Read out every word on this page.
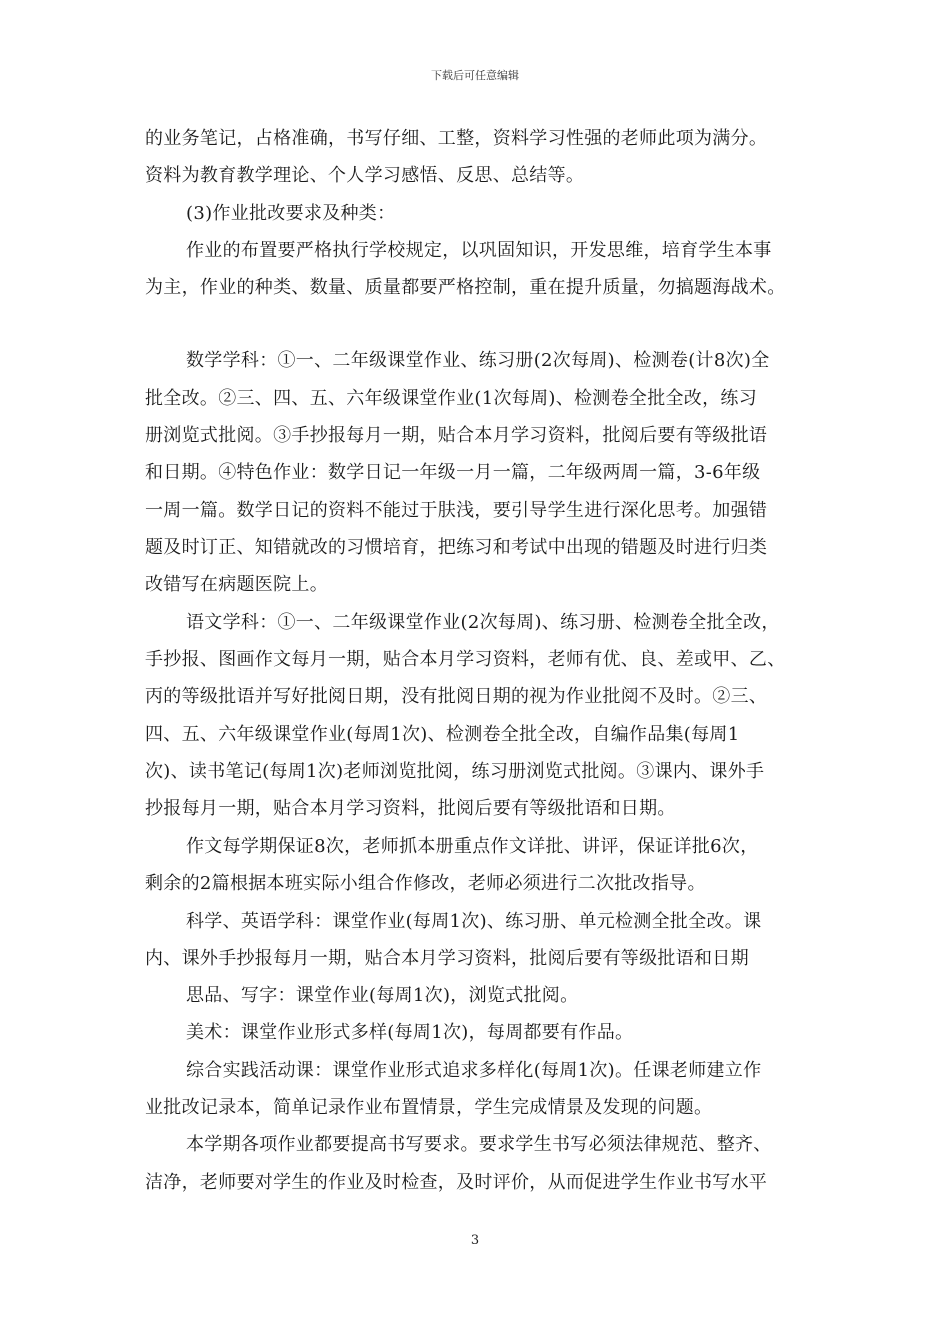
下载后可任意编辑
的业务笔记，占格准确，书写仔细、工整，资料学习性强的老师此项为满分。
资料为教育教学理论、个人学习感悟、反思、总结等。
(3)作业批改要求及种类：
作业的布置要严格执行学校规定，以巩固知识，开发思维，培育学生本事
为主，作业的种类、数量、质量都要严格控制，重在提升质量，勿搞题海战术。
数学学科：①一、二年级课堂作业、练习册(2次每周)、检测卷(计8次)全
批全改。②三、四、五、六年级课堂作业(1次每周)、检测卷全批全改，练习
册浏览式批阅。③手抄报每月一期，贴合本月学习资料，批阅后要有等级批语
和日期。④特色作业：数学日记一年级一月一篇，二年级两周一篇，3-6年级
一周一篇。数学日记的资料不能过于肤浅，要引导学生进行深化思考。加强错
题及时订正、知错就改的习惯培育，把练习和考试中出现的错题及时进行归类
改错写在病题医院上。
语文学科：①一、二年级课堂作业(2次每周)、练习册、检测卷全批全改，
手抄报、图画作文每月一期，贴合本月学习资料，老师有优、良、差或甲、乙、
丙的等级批语并写好批阅日期，没有批阅日期的视为作业批阅不及时。②三、
四、五、六年级课堂作业(每周1次)、检测卷全批全改，自编作品集(每周1
次)、读书笔记(每周1次)老师浏览批阅，练习册浏览式批阅。③课内、课外手
抄报每月一期，贴合本月学习资料，批阅后要有等级批语和日期。
作文每学期保证8次，老师抓本册重点作文详批、讲评，保证详批6次，
剩余的2篇根据本班实际小组合作修改，老师必须进行二次批改指导。
科学、英语学科：课堂作业(每周1次)、练习册、单元检测全批全改。课
内、课外手抄报每月一期，贴合本月学习资料，批阅后要有等级批语和日期
思品、写字：课堂作业(每周1次)，浏览式批阅。
美术：课堂作业形式多样(每周1次)，每周都要有作品。
综合实践活动课：课堂作业形式追求多样化(每周1次)。任课老师建立作
业批改记录本，简单记录作业布置情景，学生完成情景及发现的问题。
本学期各项作业都要提高书写要求。要求学生书写必须法律规范、整齐、
洁净，老师要对学生的作业及时检查，及时评价，从而促进学生作业书写水平
3
